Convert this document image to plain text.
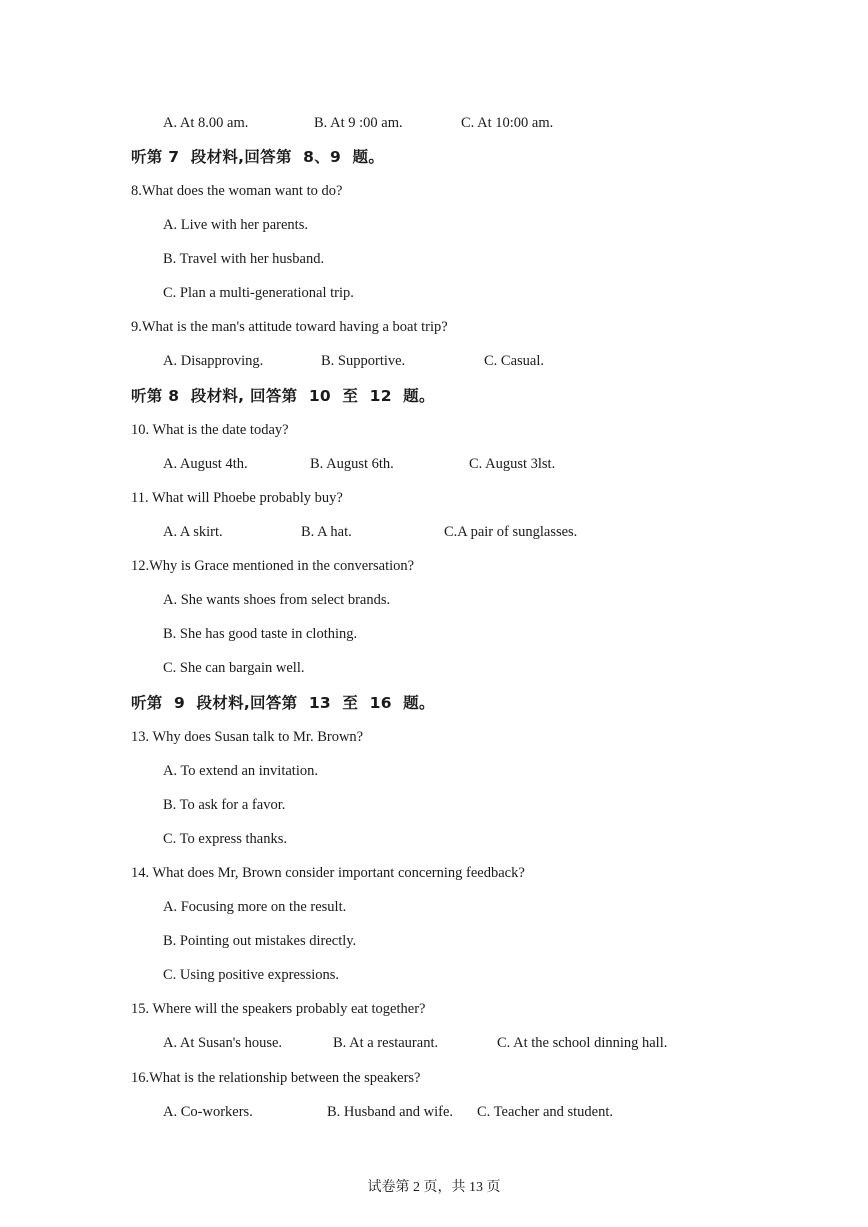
A. At 8.00 am.	B. At 9 :00 am.	C. At 10:00 am.
听第 7  段材料,回答第  8、9  题。
8.What does the woman want to do?
A. Live with her parents.
B. Travel with her husband.
C. Plan a multi-generational trip.
9.What is the man's attitude toward having a boat trip?
A. Disapproving.	B. Supportive.	C. Casual.
听第 8  段材料, 回答第  10  至  12  题。
10. What is the date today?
A. August 4th.	B. August 6th.	C. August 3lst.
11. What will Phoebe probably buy?
A. A skirt.	B. A hat.	C.A pair of sunglasses.
12.Why is Grace mentioned in the conversation?
A. She wants shoes from select brands.
B. She has good taste in clothing.
C. She can bargain well.
听第  9  段材料,回答第  13  至  16  题。
13. Why does Susan talk to Mr. Brown?
A. To extend an invitation.
B. To ask for a favor.
C. To express thanks.
14. What does Mr, Brown consider important concerning feedback?
A. Focusing more on the result.
B. Pointing out mistakes directly.
C. Using positive expressions.
15. Where will the speakers probably eat together?
A. At Susan's house.	B. At a restaurant.	C. At the school dinning hall.
16.What is the relationship between the speakers?
A. Co-workers.	B. Husband and wife. C. Teacher and student.
试卷第 2 页，共 13 页
